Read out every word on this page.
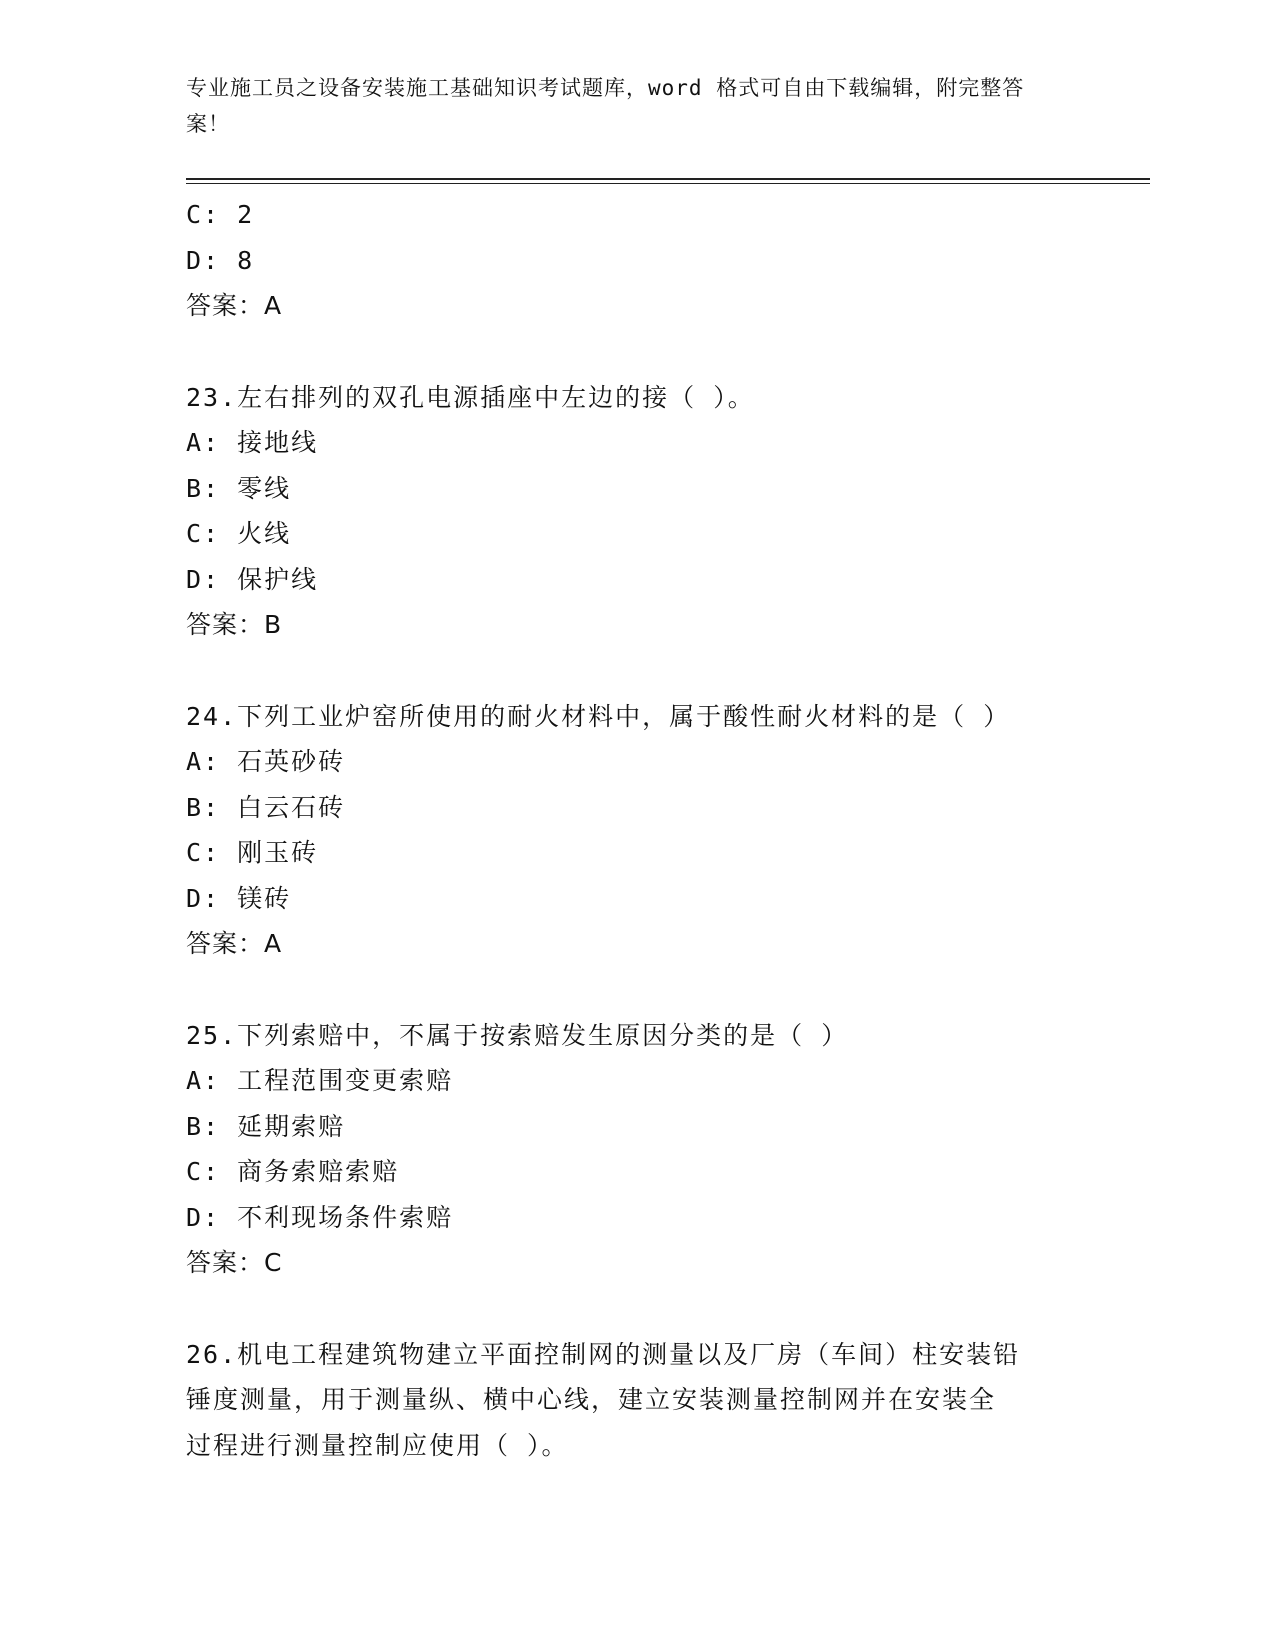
专业施工员之设备安装施工基础知识考试题库，word 格式可自由下载编辑，附完整答案！
C: 2
D: 8
答案：A
23.左右排列的双孔电源插座中左边的接（ ）。
A: 接地线
B: 零线
C: 火线
D: 保护线
答案：B
24.下列工业炉窑所使用的耐火材料中，属于酸性耐火材料的是（ ）
A: 石英砂砖
B: 白云石砖
C: 刚玉砖
D: 镁砖
答案：A
25.下列索赔中，不属于按索赔发生原因分类的是（ ）
A: 工程范围变更索赔
B: 延期索赔
C: 商务索赔索赔
D: 不利现场条件索赔
答案：C
26.机电工程建筑物建立平面控制网的测量以及厂房（车间）柱安装铅
锤度测量，用于测量纵、横中心线，建立安装测量控制网并在安装全
过程进行测量控制应使用（ ）。
